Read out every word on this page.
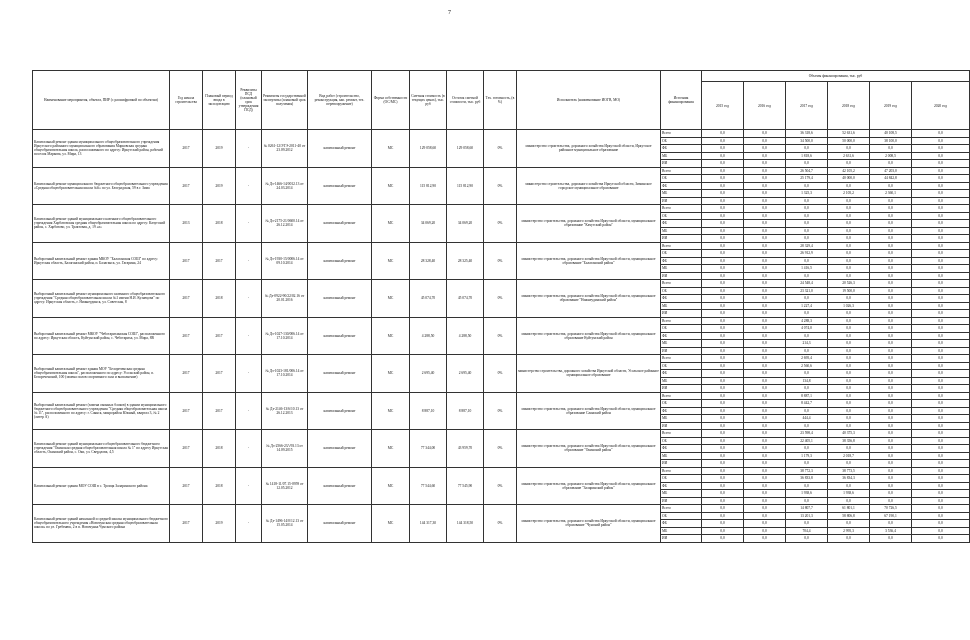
7
Наименование мероприятия, объекта, ПИР (с расшифровкой по объектам)	Год начала строительства	Плановый период ввода в эксплуатацию	Реквизиты ПСД (плановый срок утверждения ПСД)	Реквизиты государственной экспертизы (плановый срок получения)	Вид работ (строительство, реконструкция, кап. ремонт, тех. перевооружение)	Форма собственности (ОС/МС)	Сметная стоимость (в текущих ценах), тыс. руб	Остаток сметной стоимости, тыс. руб	Тех. готовность, (в %)	Исполнитель (наименование ИОГВ, МО)	Источник финансирования	Объемы финансирования, тыс. руб					
												2015 год	2016 год	2017 год	2018 год	2019 год	2020 год
Капитальный ремонт здания муниципального общеобразовательного учреждения Иркутского районного муниципального образования Марковская средняя общеобразовательная школа, расположенного по адресу: Иркутский район, рабочий поселок Маркова, ул. Мира, 13	2017	2019	-	№ 0261-12/ЭТЭ-2011-40 от 23.09.2012	капитальный ремонт	МС	129 058,60	129 058,60	0%	министерство строительства, дорожного хозяйства Иркутской области, Иркутское районное муниципальное образование	Всего	0,0	0,0	36 318,6	52 631,6	40 108,5	0,0
											ОБ	0,0	0,0	34 500,0	50 000,0	38 100,0	0,0
											ФБ	0,0	0,0	0,0	0,0	0,0	0,0
											МБ	0,0	0,0	1 818,6	2 631,6	2 008,5	0,0
											ИИ	0,0	0,0	0,0	0,0	0,0	0,0
Капитальный ремонт муниципального бюджетного общеобразовательного учреждения «Средняя общеобразовательная школа №6» по ул. Белградская, 59 в г. Зима	2017	2019	-	№ Дз-1466-14/0012.13 от 24.03.2014	капитальный ремонт	МС	115 812,90	115 812,90	0%	министерство строительства, дорожного хозяйства Иркутской области, Зиминское городское муниципальное образование	Всего	0,0	0,0	26 504,7	42 105,2	47 203,0	0,0
											ОБ	0,0	0,0	25 179,4	40 000,0	44 842,8	0,0
											ФБ	0,0	0,0	0,0	0,0	0,0	0,0
											МБ	0,0	0,0	1 325,3	2 105,2	2 360,1	0,0
											ИИ	0,0	0,0	0,0	0,0	0,0	0,0
Капитальный ремонт зданий муниципального казенного общеобразовательного учреждения Харбатовская средняя общеобразовательная школа по адресу: Качугский район, с. Харбатово, ул. Трактовая, д. 19 «а»	2013	2018	-	№ Дз-2175-21/0600.14 от 26.12.2014	капитальный ремонт	МС	34 069,20	34 069,20	0%	министерство строительства, дорожного хозяйства Иркутской области, муниципальное образование "Качугский район"	Всего	0,0	0,0	0,0	0,0	0,0	0,0
											ОБ	0,0	0,0	0,0	0,0	0,0	0,0
											ФБ	0,0	0,0	0,0	0,0	0,0	0,0
											МБ	0,0	0,0	0,0	0,0	0,0	0,0
											ИИ	0,0	0,0	0,0	0,0	0,0	0,0
Выборочный капитальный ремонт здания МКОУ "Балаганская СОШ" по адресу: Иркутская область, Балаганский район, п. Балаганск, ул. Гагарина, 24	2017	2017	-	№ Дз-1930-15/0006.14 от 09.10.2014	капитальный ремонт	МС	28 328,40	28 325,40	0%	министерство строительства, дорожного хозяйства Иркутской области, муниципальное образование "Балаганский район"	Всего	0,0	0,0	28 329,4	0,0	0,0	0,0
											ОБ	0,0	0,0	26 912,9	0,0	0,0	0,0
											ФБ	0,0	0,0	0,0	0,0	0,0	0,0
											МБ	0,0	0,0	1 416,5	0,0	0,0	0,0
											ИИ	0,0	0,0	0,0	0,0	0,0	0,0
Выборочный капитальный ремонт муниципального казенного общеобразовательного учреждения "Средняя общеобразовательная школа №1 имени Н.И. Кузнецова" по адресу: Иркутская область, г. Нижнеудинск, ул. Советская, 8	2017	2018	-	№ Дз-0922-90/22/02.16 от 20.01.2016	капитальный ремонт	МС	45 074,70	45 074,70	0%	министерство строительства, дорожного хозяйства Иркутской области, муниципальное образование "Нижнеудинский район"	Всего	0,0	0,0	24 548,4	20 526,3	0,0	0,0
											ОБ	0,0	0,0	23 321,0	19 500,0	0,0	0,0
											ФБ	0,0	0,0	0,0	0,0	0,0	0,0
											МБ	0,0	0,0	1 227,4	1 026,3	0,0	0,0
											ИИ	0,0	0,0	0,0	0,0	0,0	0,0
Выборочный капитальный ремонт МКОУ "Чеботарихинская СОШ", расположенного по адресу: Иркутская область, Куйтунский район, с. Чеботариха, ул. Мира, 8В	2017	2017	-	№ Дз-1027-130/006.14 от 17.10.2014	капитальный ремонт	МС	4 288,50	4 288,50	0%	министерство строительства, дорожного хозяйства Иркутской области, муниципальное образование Куйтунский район	Всего	0,0	0,0	4 288,3	0,0	0,0	0,0
											ОБ	0,0	0,0	4 074,0	0,0	0,0	0,0
											ФБ	0,0	0,0	0,0	0,0	0,0	0,0
											МБ	0,0	0,0	214,3	0,0	0,0	0,0
											ИИ	0,0	0,0	0,0	0,0	0,0	0,0
Выборочный капитальный ремонт здания МОУ "Белореченская средняя общеобразовательная школа", расположенного по адресу: Усольский район, п. Белореченский, 100 (замена полов спортивного зала и выполнение)	2017	2017	-	№ Дз-1023-181/006.14 от 17.10.2014	капитальный ремонт	МС	2 695,40	2 695,40	0%	министерство строительства, дорожного хозяйства Иркутской области, Усольское районное муниципальное образование	Всего	0,0	0,0	2 695,4	0,0	0,0	0,0
											ОБ	0,0	0,0	2 560,6	0,0	0,0	0,0
											ФБ	0,0	0,0	0,0	0,0	0,0	0,0
											МБ	0,0	0,0	134,8	0,0	0,0	0,0
											ИИ	0,0	0,0	0,0	0,0	0,0	0,0
Выборочный капитальный ремонт (замена оконных блоков) в здании муниципального бюджетного общеобразовательного учреждения "Средняя общеобразовательная школа № 11", расположенного по адресу: г. Саянск, микрорайон Южный, квартал 3, № 2 (литер А)	2017	2017	-	№ Дз-2146-13/6/10.13 от 26.12.2013	капитальный ремонт	МС	8 887,10	8 887,10	0%	министерство строительства, дорожного хозяйства Иркутской области, муниципальное образование Саянский район	Всего	0,0	0,0	8 887,1	0,0	0,0	0,0
											ОБ	0,0	0,0	8 442,7	0,0	0,0	0,0
											ФБ	0,0	0,0	0,0	0,0	0,0	0,0
											МБ	0,0	0,0	444,4	0,0	0,0	0,0
											ИИ	0,0	0,0	0,0	0,0	0,0	0,0
Капитальный ремонт зданий муниципального общеобразовательного бюджетного учреждения "Окинская средняя общеобразовательная школа № 1" по адресу Иркутская область, Окинский район, с. Оки, ул. Свердлова, 4,5	2017	2018	-	№ Дз-2566-23/\/93.13 от 14.09.2015	капитальный ремонт	МС	77 344,00	43 959,70	0%	министерство строительства, дорожного хозяйства Иркутской области, муниципальное образование "Окинский район"	Всего	0,0	0,0	23 598,4	40 375,3	0,0	0,0
											ОБ	0,0	0,0	22 405,1	38 356,8	0,0	0,0
											ФБ	0,0	0,0	0,0	0,0	0,0	0,0
											МБ	0,0	0,0	1 179,3	2 018,7	0,0	0,0
											ИИ	0,0	0,0	0,0	0,0	0,0	0,0
Капитальный ремонт здания МОУ СОШ в с. Троицк Заларинского района	2017	2018	-	№ 1418-11/07.15-0959 от 12.05.2012	капитальный ремонт	МС	77 544,60	77 545,90	0%	министерство строительства, дорожного хозяйства Иркутской области, муниципальное образование "Заларинский район"	Всего	0,0	0,0	38 772,3	38 773,5	0,0	0,0
											ОБ	0,0	0,0	36 833,8	36 834,3	0,0	0,0
											ФБ	0,0	0,0	0,0	0,0	0,0	0,0
											МБ	0,0	0,0	1 938,6	1 938,6	0,0	0,0
											ИИ	0,0	0,0	0,0	0,0	0,0	0,0
Капитальный ремонт зданий начальной и средней школы муниципального бюджетного общеобразовательного учреждения «Новочунская средняя общеобразовательная школа» по ул. Гребенюк, 2 в п. Новочунка Чунского района	2017	2019	-	№ Дз-1496-14/0/12.13 от 15.05.2014	капитальный ремонт	МС	144 317,30	144 318,50	0%	министерство строительства, дорожного хозяйства Иркутской области, муниципальное образование "Чунский район"	Всего	0,0	0,0	14 807,7	61 801,1	70 726,5	0,0
											ОБ	0,0	0,0	13 201,3	58 806,8	67 190,1	0,0
											ФБ	0,0	0,0	0,0	0,0	0,0	0,0
											МБ	0,0	0,0	704,4	2 995,3	3 536,4	0,0
											ИИ	0,0	0,0	0,0	0,0	0,0	0,0
